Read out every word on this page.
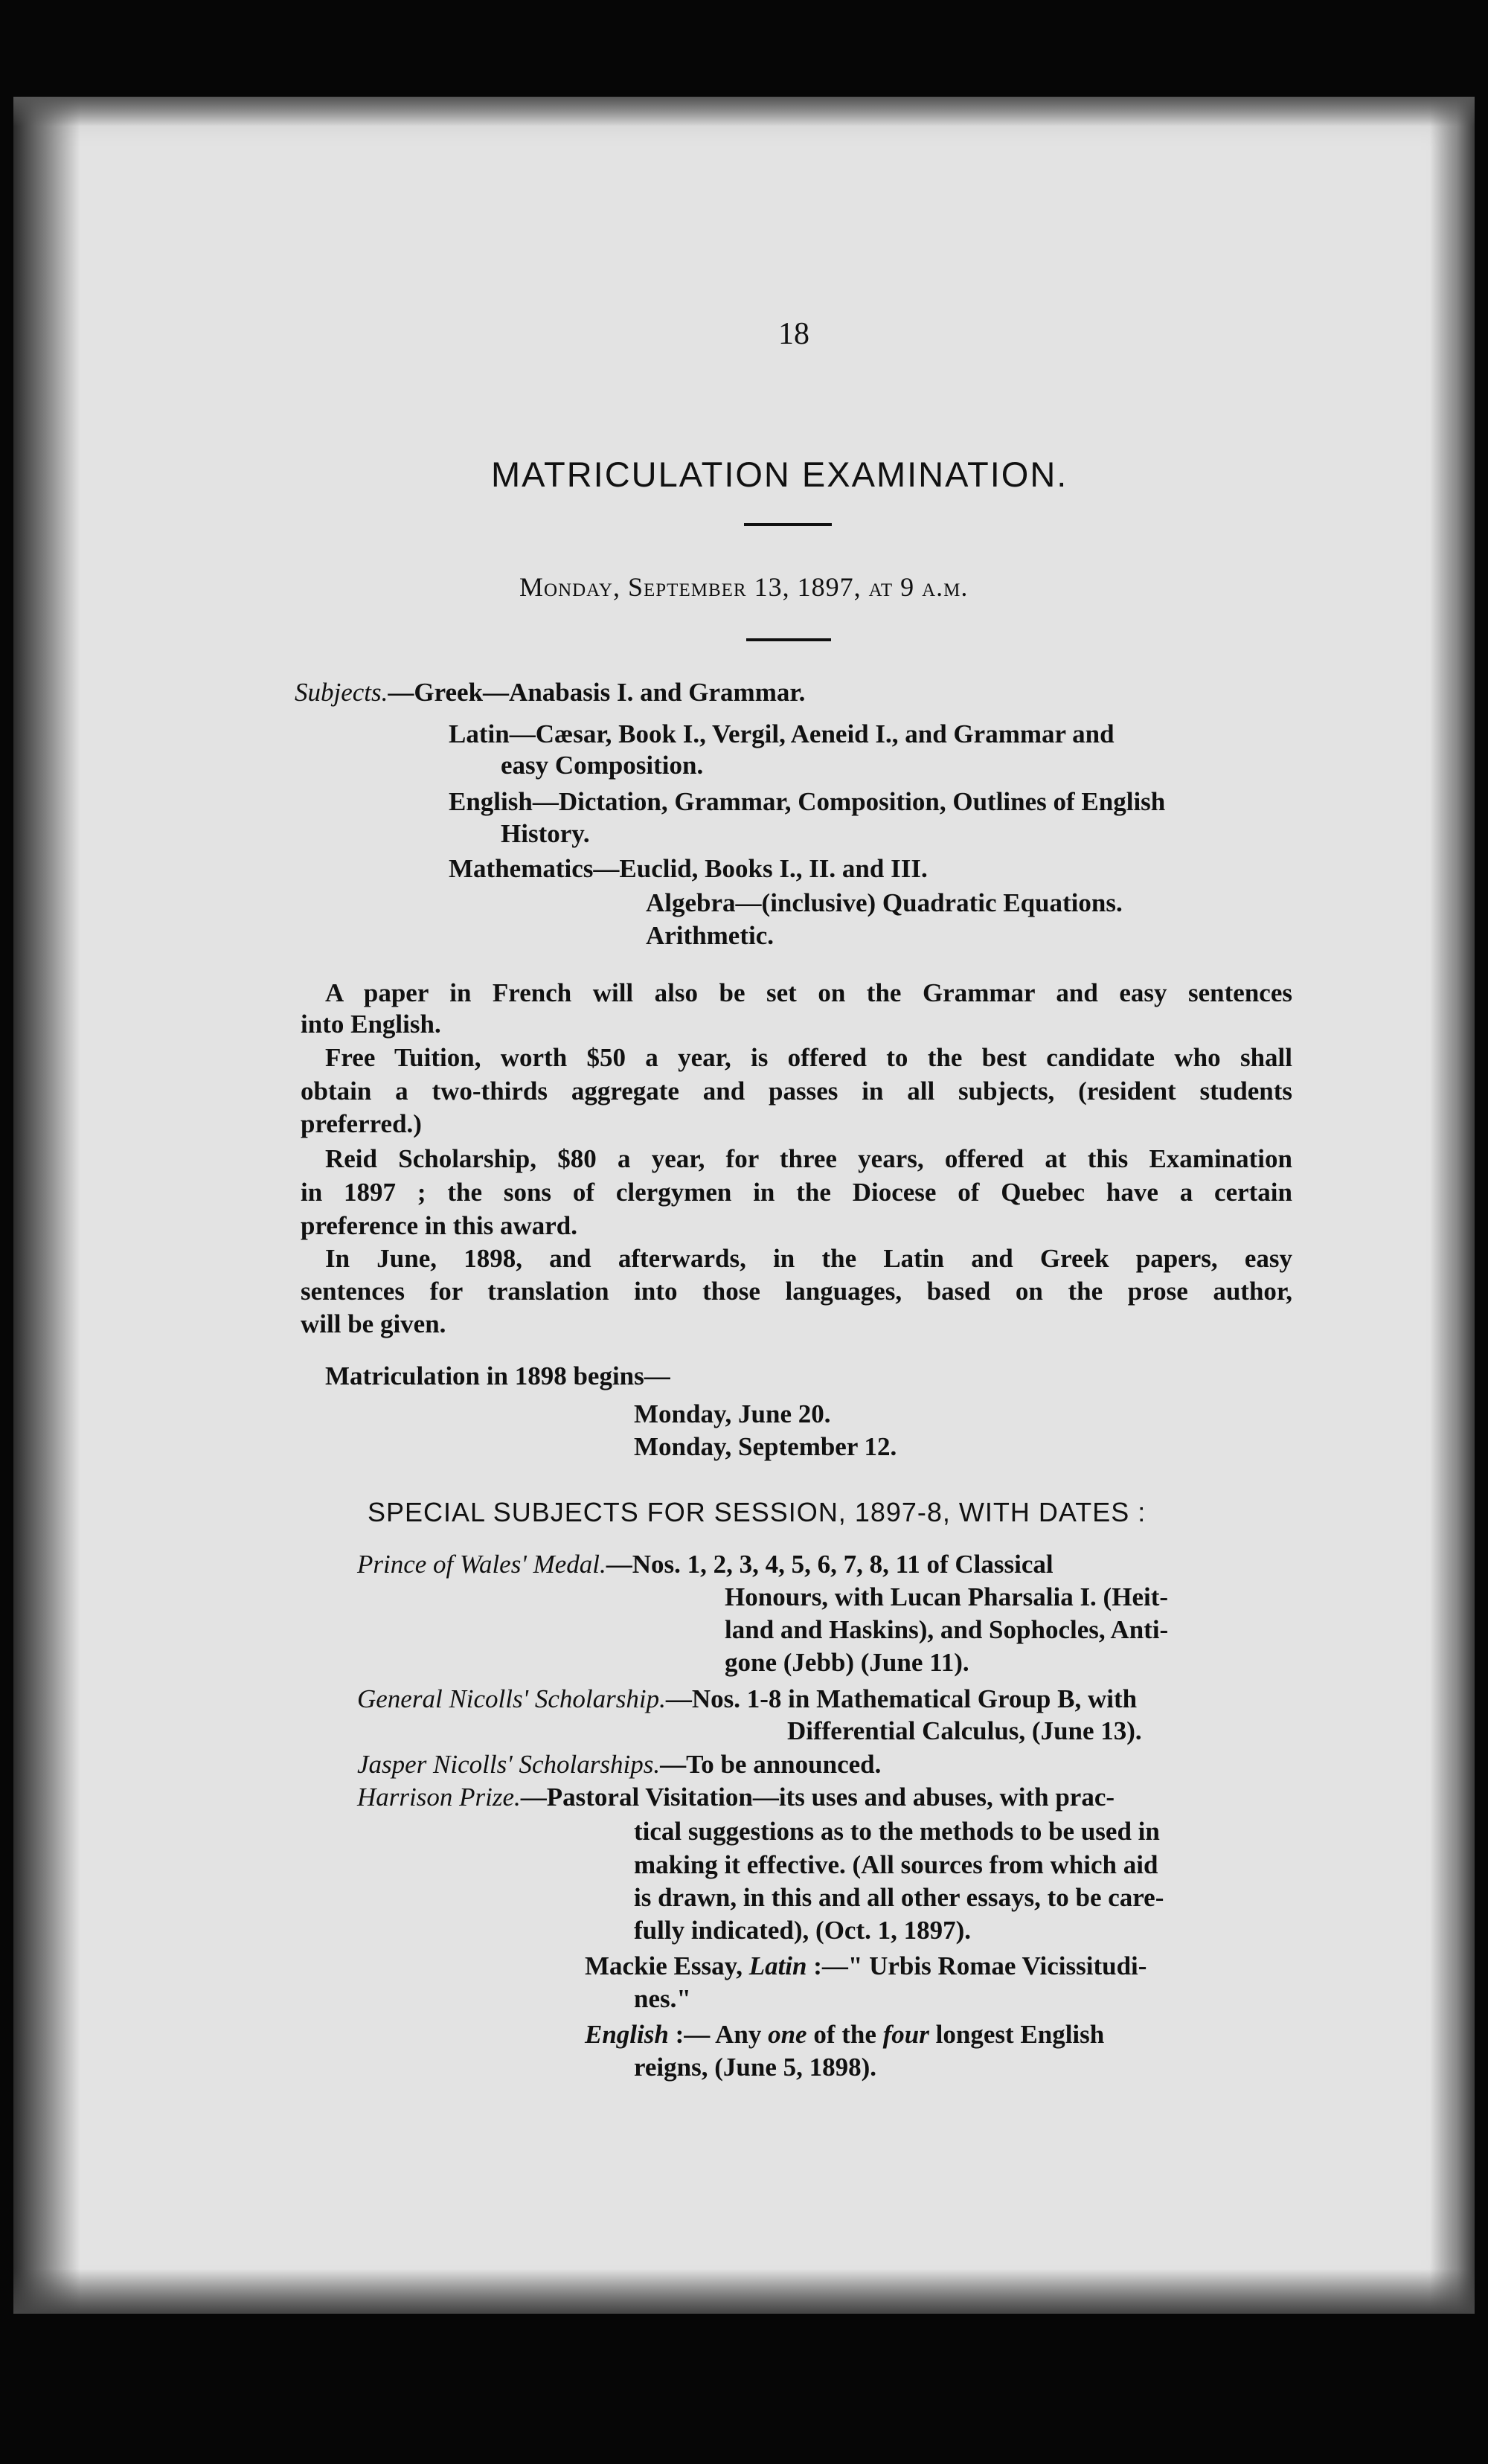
18
MATRICULATION EXAMINATION.
Monday, September 13, 1897, at 9 a.m.
Subjects.—Greek—Anabasis I. and Grammar.
Latin—Cæsar, Book I., Vergil, Aeneid I., and Grammar and
easy Composition.
English—Dictation, Grammar, Composition, Outlines of English
History.
Mathematics—Euclid, Books I., II. and III.
Algebra—(inclusive) Quadratic Equations.
Arithmetic.
A paper in French will also be set on the Grammar and easy sentences
into English.
Free Tuition, worth $50 a year, is offered to the best candidate who shall
obtain a two-thirds aggregate and passes in all subjects, (resident students
preferred.)
Reid Scholarship, $80 a year, for three years, offered at this Examination
in 1897 ; the sons of clergymen in the Diocese of Quebec have a certain
preference in this award.
In June, 1898, and afterwards, in the Latin and Greek papers, easy
sentences for translation into those languages, based on the prose author,
will be given.
Matriculation in 1898 begins—
Monday, June 20.
Monday, September 12.
SPECIAL SUBJECTS FOR SESSION, 1897-8, WITH DATES :
Prince of Wales' Medal.—Nos. 1, 2, 3, 4, 5, 6, 7, 8, 11 of Classical
Honours, with Lucan Pharsalia I. (Heit-
land and Haskins), and Sophocles, Anti-
gone (Jebb) (June 11).
General Nicolls' Scholarship.—Nos. 1-8 in Mathematical Group B, with
Differential Calculus, (June 13).
Jasper Nicolls' Scholarships.—To be announced.
Harrison Prize.—Pastoral Visitation—its uses and abuses, with prac-
tical suggestions as to the methods to be used in
making it effective. (All sources from which aid
is drawn, in this and all other essays, to be care-
fully indicated), (Oct. 1, 1897).
Mackie Essay, Latin :—" Urbis Romae Vicissitudi-
nes."
English :— Any one of the four longest English
reigns, (June 5, 1898).
